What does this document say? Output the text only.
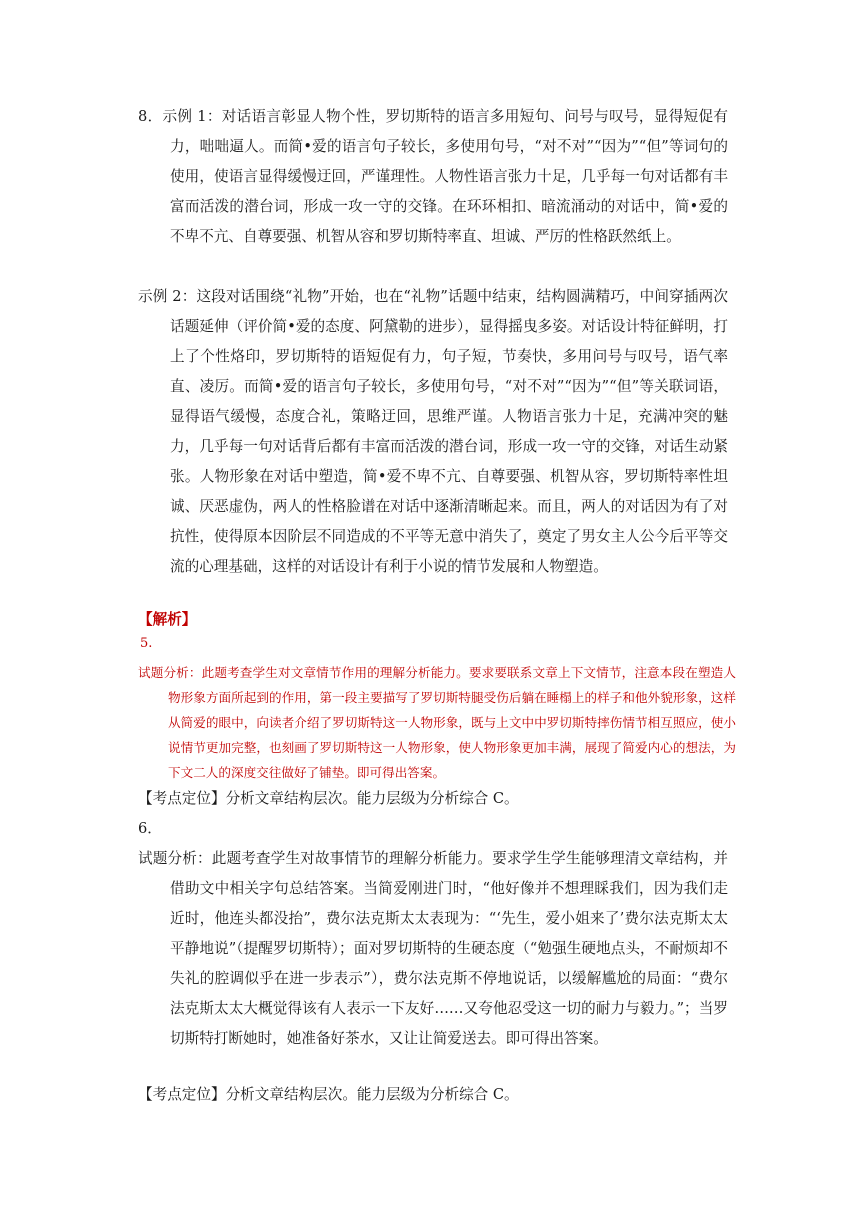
8．示例 1：对话语言彰显人物个性，罗切斯特的语言多用短句、问号与叹号，显得短促有力，咄咄逼人。而简•爱的语言句子较长，多使用句号，“对不对”“因为”“但”等词句的使用，使语言显得缓慢迂回，严谨理性。人物性语言张力十足，几乎每一句对话都有丰富而活泼的潜台词，形成一攻一守的交锋。在环环相扣、暗流涌动的对话中，简•爱的不卑不亢、自尊要强、机智从容和罗切斯特率直、坦诚、严厉的性格跃然纸上。

示例 2：这段对话围绕“礼物”开始，也在“礼物”话题中结束，结构圆满精巧，中间穿插两次话题延伸（评价简•爱的态度、阿黛勒的进步），显得摇曳多姿。对话设计特征鲜明，打上了个性烙印，罗切斯特的语短促有力，句子短，节奏快，多用问号与叹号，语气率直、凌厉。而简•爱的语言句子较长，多使用句号，“对不对”“因为”“但”等关联词语，显得语气缓慢，态度合礼，策略迂回，思维严谨。人物语言张力十足，充满冲突的魅力，几乎每一句对话背后都有丰富而活泼的潜台词，形成一攻一守的交锋，对话生动紧张。人物形象在对话中塑造，简•爱不卑不亢、自尊要强、机智从容，罗切斯特率性坦诚、厌恶虚伪，两人的性格脸谱在对话中逐渐清晰起来。而且，两人的对话因为有了对抗性，使得原本因阶层不同造成的不平等无意中消失了，奠定了男女主人公今后平等交流的心理基础，这样的对话设计有利于小说的情节发展和人物塑造。

【解析】

5.

试题分析：此题考查学生对文章情节作用的理解分析能力。要求要联系文章上下文情节，注意本段在塑造人物形象方面所起到的作用，第一段主要描写了罗切斯特腿受伤后躺在睡榻上的样子和他外貌形象，这样从简爱的眼中，向读者介绍了罗切斯特这一人物形象，既与上文中中罗切斯特摔伤情节相互照应，使小说情节更加完整，也刻画了罗切斯特这一人物形象，使人物形象更加丰满，展现了简爱内心的想法，为下文二人的深度交往做好了铺垫。即可得出答案。

【考点定位】分析文章结构层次。能力层级为分析综合 C。

6．

试题分析：此题考查学生对故事情节的理解分析能力。要求学生学生能够理清文章结构，并借助文中相关字句总结答案。当简爱刚进门时，“他好像并不想理睬我们，因为我们走近时，他连头都没抬”，费尔法克斯太太表现为：“‘先生，爱小姐来了’费尔法克斯太太平静地说”（提醒罗切斯特）；面对罗切斯特的生硬态度（“勉强生硬地点头，不耐烦却不失礼的腔调似乎在进一步表示”），费尔法克斯不停地说话，以缓解尴尬的局面：“费尔法克斯太太大概觉得该有人表示一下友好……又夸他忍受这一切的耐力与毅力。”；当罗切斯特打断她时，她准备好茶水，又让让简爱送去。即可得出答案。

【考点定位】分析文章结构层次。能力层级为分析综合 C。
